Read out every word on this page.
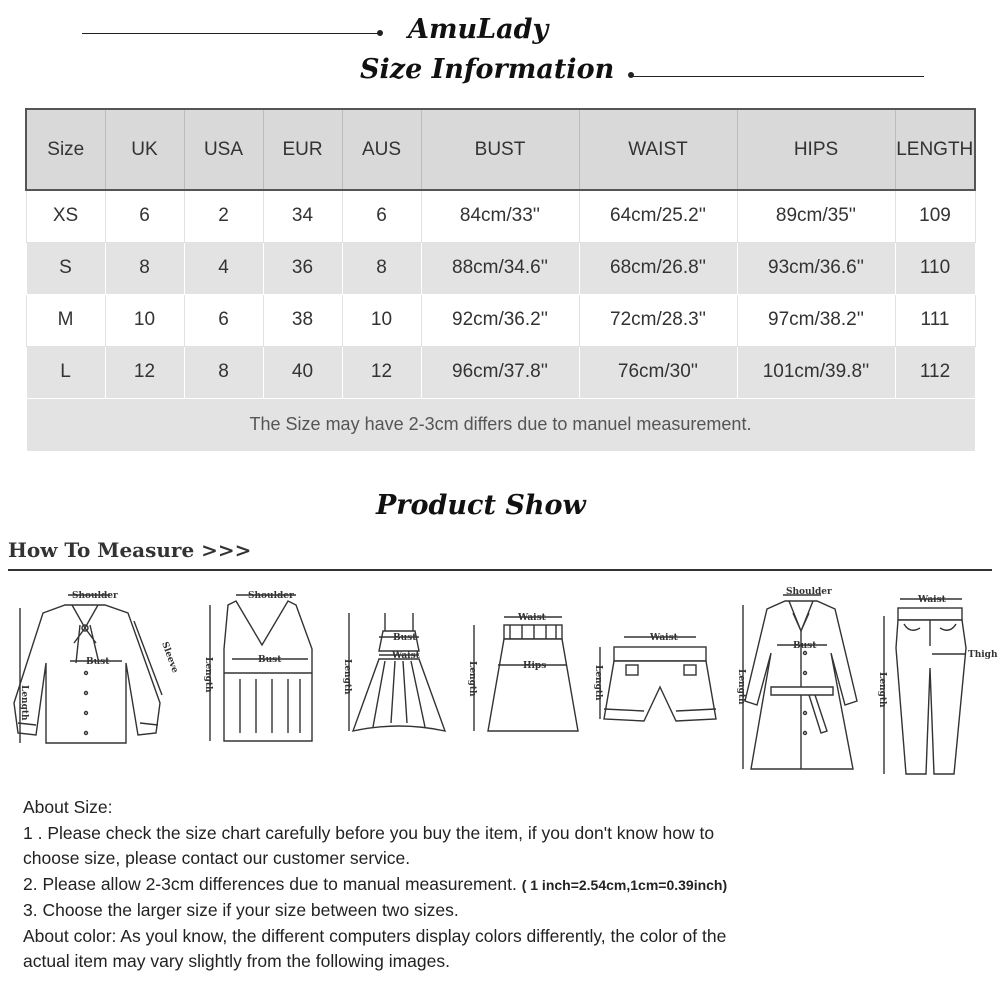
AmuLady
Size Information
Size	UK	USA	EUR	AUS	BUST	WAIST	HIPS	LENGTH
XS	6	2	34	6	84cm/33''	64cm/25.2''	89cm/35''	109
S	8	4	36	8	88cm/34.6''	68cm/26.8''	93cm/36.6''	110
M	10	6	38	10	92cm/36.2''	72cm/28.3''	97cm/38.2''	111
L	12	8	40	12	96cm/37.8''	76cm/30''	101cm/39.8''	112
The Size may have 2-3cm differs due to manuel measurement.								
Product Show
How To Measure >>>
Shoulder
Bust	Sleeve
Length
Shoulder
Bust
Length
Bust
Waist
Length
Waist
Hips
Length
Waist
Length
Shoulder
Bust
Length
Waist
Thigh
Length

About Size:

1 . Please check the size chart carefully before you buy the item, if you don't know how to

choose size, please contact our customer service.

2. Please allow 2-3cm differences due to manual measurement. ( 1 inch=2.54cm,1cm=0.39inch)

3. Choose the larger size if your size between two sizes.

About color: As youl know, the different computers display colors differently, the color of the

actual item may vary slightly from the following images.
